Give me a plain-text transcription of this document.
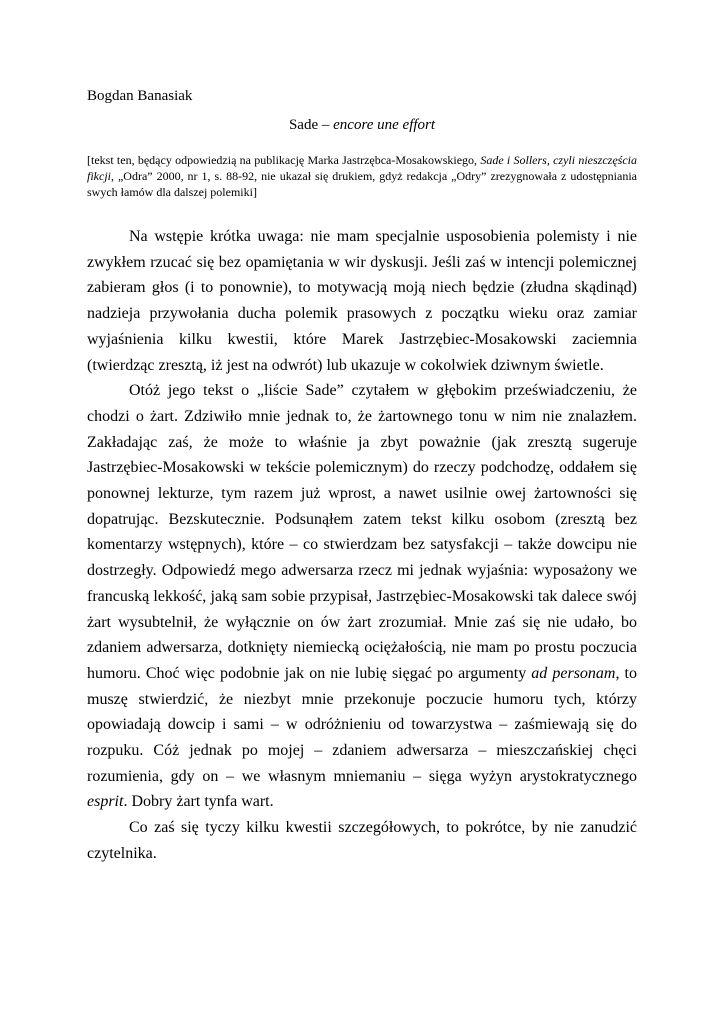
Bogdan Banasiak

Sade – encore une effort

[tekst ten, będący odpowiedzią na publikację Marka Jastrzębca-Mosakowskiego, Sade i Sollers, czyli nieszczęścia fikcji, „Odra” 2000, nr 1, s. 88-92, nie ukazał się drukiem, gdyż redakcja „Odry” zrezygnowała z udostępniania swych łamów dla dalszej polemiki]

Na wstępie krótka uwaga: nie mam specjalnie usposobienia polemisty i nie zwykłem rzucać się bez opamiętania w wir dyskusji. Jeśli zaś w intencji polemicznej zabieram głos (i to ponownie), to motywacją moją niech będzie (złudna skądinąd) nadzieja przywołania ducha polemik prasowych z początku wieku oraz zamiar wyjaśnienia kilku kwestii, które Marek Jastrzębiec-Mosakowski zaciemnia (twierdząc zresztą, iż jest na odwrót) lub ukazuje w cokolwiek dziwnym świetle.

Otóż jego tekst o „liście Sade” czytałem w głębokim przeświadczeniu, że chodzi o żart. Zdziwiło mnie jednak to, że żartownego tonu w nim nie znalazłem. Zakładając zaś, że może to właśnie ja zbyt poważnie (jak zresztą sugeruje Jastrzębiec-Mosakowski w tekście polemicznym) do rzeczy podchodzę, oddałem się ponownej lekturze, tym razem już wprost, a nawet usilnie owej żartowności się dopatrując. Bezskutecznie. Podsunąłem zatem tekst kilku osobom (zresztą bez komentarzy wstępnych), które – co stwierdzam bez satysfakcji – także dowcipu nie dostrzegły. Odpowiedź mego adwersarza rzecz mi jednak wyjaśnia: wyposażony we francuską lekkość, jaką sam sobie przypisał, Jastrzębiec-Mosakowski tak dalece swój żart wysubtelnił, że wyłącznie on ów żart zrozumiał. Mnie zaś się nie udało, bo zdaniem adwersarza, dotknięty niemiecką ociężałością, nie mam po prostu poczucia humoru. Choć więc podobnie jak on nie lubię sięgać po argumenty ad personam, to muszę stwierdzić, że niezbyt mnie przekonuje poczucie humoru tych, którzy opowiadają dowcip i sami – w odróżnieniu od towarzystwa – zaśmiewają się do rozpuku. Cóż jednak po mojej – zdaniem adwersarza – mieszczańskiej chęci rozumienia, gdy on – we własnym mniemaniu – sięga wyżyn arystokratycznego esprit. Dobry żart tynfa wart.

Co zaś się tyczy kilku kwestii szczegółowych, to pokrótce, by nie zanudzić czytelnika.
